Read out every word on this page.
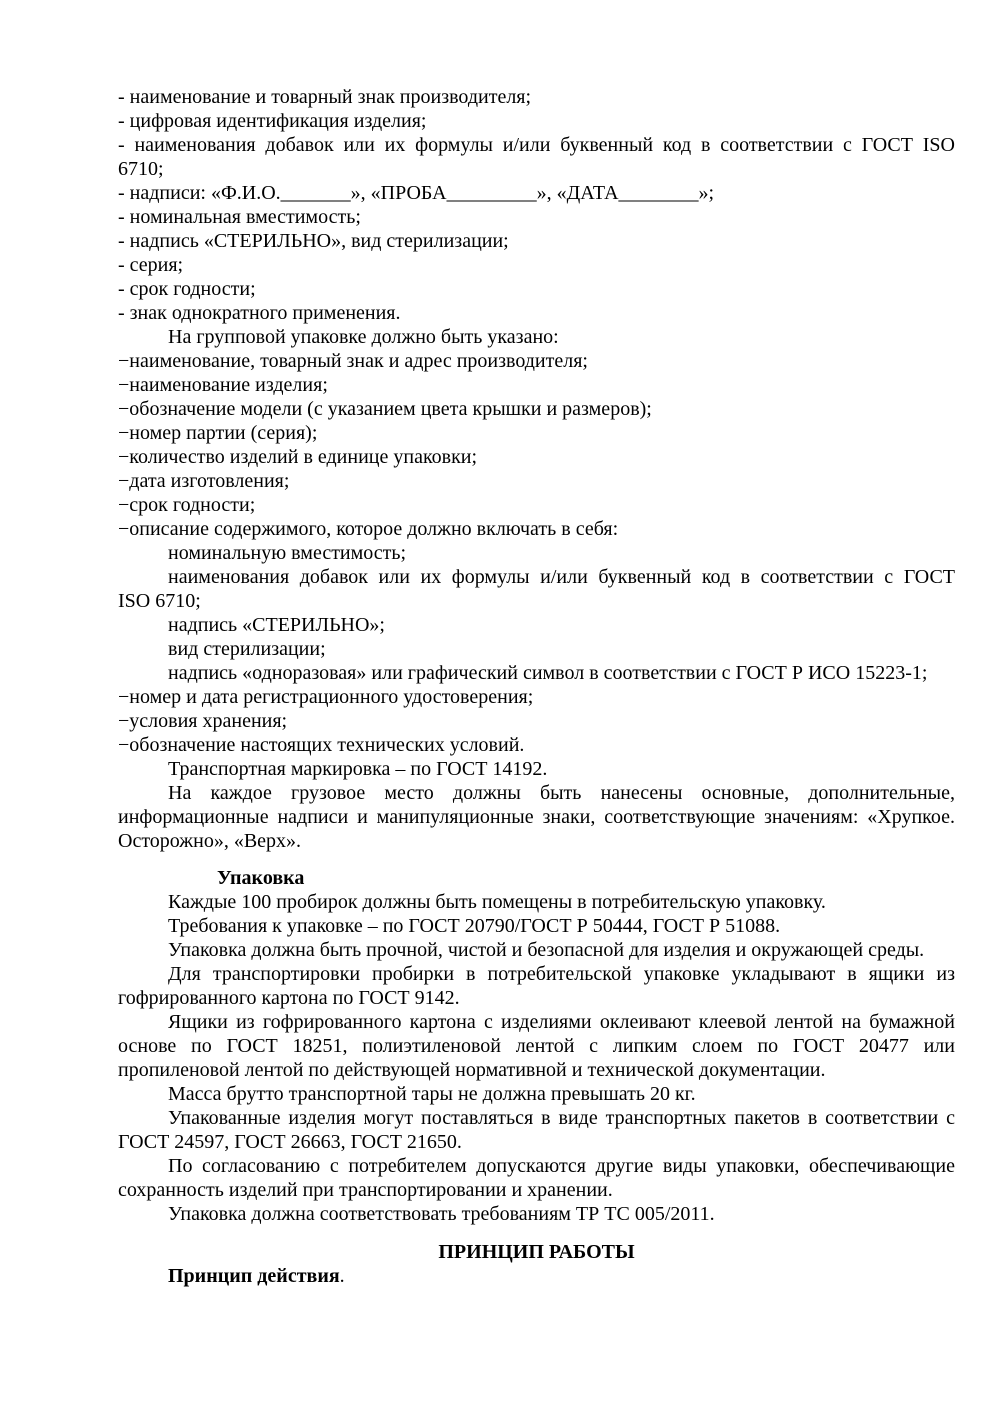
- наименование и товарный знак производителя;

- цифровая идентификация изделия;

- наименования добавок или их формулы и/или буквенный код в соответствии с ГОСТ ISO
6710;

- надписи: «Ф.И.О._______», «ПРОБА_________», «ДАТА________»;

- номинальная вместимость;

- надпись «СТЕРИЛЬНО», вид стерилизации;

- серия;

- срок годности;

- знак однократного применения.

На групповой упаковке должно быть указано:

−наименование, товарный знак и адрес производителя;

−наименование изделия;

−обозначение модели (с указанием цвета крышки и размеров);

−номер партии (серия);

−количество изделий в единице упаковки;

−дата изготовления;

−срок годности;

−описание содержимого, которое должно включать в себя:

номинальную вместимость;

наименования добавок или их формулы и/или буквенный код в соответствии с ГОСТ
ISO 6710;

надпись «СТЕРИЛЬНО»;

вид стерилизации;

надпись «одноразовая» или графический символ в соответствии с ГОСТ Р ИСО 15223-1;

−номер и дата регистрационного удостоверения;

−условия хранения;

−обозначение настоящих технических условий.

Транспортная маркировка – по ГОСТ 14192.

На каждое грузовое место должны быть нанесены основные, дополнительные,
информационные надписи и манипуляционные знаки, соответствующие значениям: «Хрупкое.
Осторожно», «Верх».

Упаковка

Каждые 100 пробирок должны быть помещены в потребительскую упаковку.

Требования к упаковке – по ГОСТ 20790/ГОСТ Р 50444, ГОСТ Р 51088.

Упаковка должна быть прочной, чистой и безопасной для изделия и окружающей среды.

Для транспортировки пробирки в потребительской упаковке укладывают в ящики из
гофрированного картона по ГОСТ 9142.

Ящики из гофрированного картона с изделиями оклеивают клеевой лентой на бумажной
основе по ГОСТ 18251, полиэтиленовой лентой с липким слоем по ГОСТ 20477 или
пропиленовой лентой по действующей нормативной и технической документации.

Масса брутто транспортной тары не должна превышать 20 кг.

Упакованные изделия могут поставляться в виде транспортных пакетов в соответствии с
ГОСТ 24597, ГОСТ 26663, ГОСТ 21650.

По согласованию с потребителем допускаются другие виды упаковки, обеспечивающие
сохранность изделий при транспортировании и хранении.

Упаковка должна соответствовать требованиям ТР ТС 005/2011.

ПРИНЦИП РАБОТЫ

Принцип действия.
